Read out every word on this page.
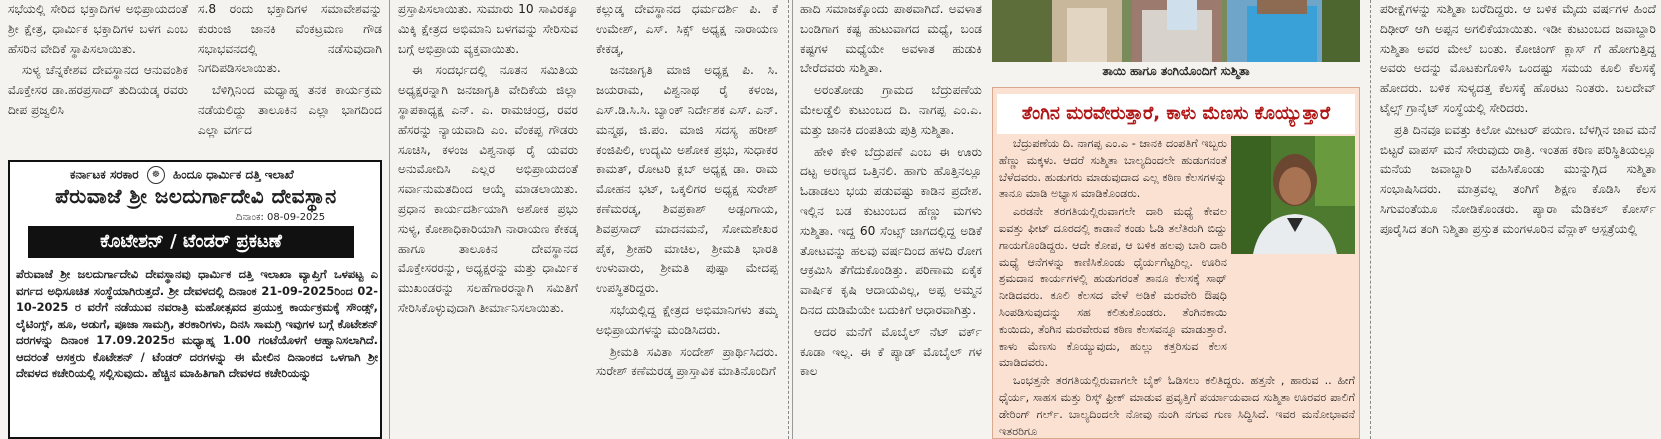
ಸಭೆಯಲ್ಲಿ ಸೇರಿದ ಭಕ್ತಾದಿಗಳ ಅಭಿಪ್ರಾಯದಂತೆ ಶ್ರೀ ಕ್ಷೇತ್ರ, ಧಾರ್ಮಿಕ ಭಕ್ತಾದಿಗಳ ಬಳಗ ಎಂಬ ಹೆಸರಿನ ವೇದಿಕೆ ಸ್ಥಾಪಿಸಲಾಯಿತು.

ಸುಳ್ಯ ಚೆನ್ನಕೇಶವ ದೇವಸ್ಥಾನದ ಆನುವಂಶಿಕ ಮೊಕ್ತೇಸರ ಡಾ.ಹರಪ್ರಸಾದ್ ತುದಿಯಡ್ಕ ರವರು ದೀಪ ಪ್ರಜ್ವಲಿಸಿ

ಸ.8 ರಂದು ಭಕ್ತಾದಿಗಳ ಸಮಾವೇಶವನ್ನು ಕುರುಂಜಿ ಜಾನಕಿ ವೆಂಕಟ್ರಮಣ ಗೌಡ ಸಭಾಭವನದಲ್ಲಿ ನಡೆಸುವುದಾಗಿ ನಿಗದಿಪಡಿಸಲಾಯಿತು.

ಬೆಳಿಗ್ಗಿನಿಂದ ಮಧ್ಯಾಹ್ನ ತನಕ ಕಾರ್ಯಕ್ರಮ ನಡೆಯಲಿದ್ದು ತಾಲೂಕಿನ ಎಲ್ಲಾ ಭಾಗದಿಂದ ಎಲ್ಲಾ ವರ್ಗದ

ಕರ್ನಾಟಕ ಸರಕಾರ ☸ ಹಿಂದೂ ಧಾರ್ಮಿಕ ದತ್ತಿ ಇಲಾಖೆ
ಪೆರುವಾಜೆ ಶ್ರೀ ಜಲದುರ್ಗಾದೇವಿ ದೇವಸ್ಥಾನ
ದಿನಾಂಕ: 08-09-2025
ಕೊಟೇಶನ್ / ಟೆಂಡರ್ ಪ್ರಕಟಣೆ
ಪೆರುವಾಜೆ ಶ್ರೀ ಜಲದುರ್ಗಾದೇವಿ ದೇವಸ್ಥಾನವು ಧಾರ್ಮಿಕ ದತ್ತಿ ಇಲಾಖಾ ವ್ಯಾಪ್ತಿಗೆ ಒಳಪಟ್ಟ ಎ ವರ್ಗದ ಅಧಿಸೂಚಿತ ಸಂಸ್ಥೆಯಾಗಿರುತ್ತದೆ. ಶ್ರೀ ದೇವಳದಲ್ಲಿ ದಿನಾಂಕ 21-09-2025ರಿಂದ 02-10-2025 ರ ವರೆಗೆ ನಡೆಯುವ ನವರಾತ್ರಿ ಮಹೋತ್ಸವದ ಪ್ರಯುಕ್ತ ಕಾರ್ಯಕ್ರಮಕ್ಕೆ ಸೌಂಡ್ಸ್, ಲೈಟಿಂಗ್ಸ್, ಹೂ, ಅಡುಗೆ, ಪೂಜಾ ಸಾಮಗ್ರಿ, ತರಕಾರಿಗಳು, ದಿನಸಿ ಸಾಮಗ್ರಿ ಇವುಗಳ ಬಗ್ಗೆ ಕೊಟೇಶನ್ ದರಗಳನ್ನು ದಿನಾಂಕ 17.09.2025ರ ಮಧ್ಯಾಹ್ನ 1.00 ಗಂಟೆಯೊಳಗೆ ಆಹ್ವಾನಿಸಲಾಗಿದೆ. ಆದರಂತೆ ಆಸಕ್ತರು ಕೊಟೇಶನ್ / ಟೆಂಡರ್ ದರಗಳನ್ನು ಈ ಮೇಲಿನ ದಿನಾಂಕದ ಒಳಗಾಗಿ ಶ್ರೀ ದೇವಳದ ಕಚೇರಿಯಲ್ಲಿ ಸಲ್ಲಿಸುವುದು. ಹೆಚ್ಚಿನ ಮಾಹಿತಿಗಾಗಿ ದೇವಳದ ಕಚೇರಿಯನ್ನು

ಪ್ರಸ್ತಾಪಿಸಲಾಯಿತು. ಸುಮಾರು 10 ಸಾವಿರಕ್ಕೂ ಮಿಕ್ಕಿ ಕ್ಷೇತ್ರದ ಅಭಿಮಾನಿ ಬಳಗವನ್ನು ಸೇರಿಸುವ ಬಗ್ಗೆ ಅಭಿಪ್ರಾಯ ವ್ಯಕ್ತವಾಯಿತು.

ಈ ಸಂದರ್ಭದಲ್ಲಿ ನೂತನ ಸಮಿತಿಯ ಅಧ್ಯಕ್ಷರನ್ನಾಗಿ ಜನಜಾಗೃತಿ ವೇದಿಕೆಯ ಜಿಲ್ಲಾ ಸ್ಥಾಪಕಾಧ್ಯಕ್ಷ ಎನ್. ಎ. ರಾಮಚಂದ್ರ, ರವರ ಹೆಸರನ್ನು ನ್ಯಾಯವಾದಿ ಎಂ. ವೆಂಕಪ್ಪ ಗೌಡರು ಸೂಚಿಸಿ, ಕಳಂಜ ವಿಶ್ವನಾಥ ರೈ ಯವರು ಅನುಮೋದಿಸಿ ಎಲ್ಲರ ಅಭಿಪ್ರಾಯದಂತೆ ಸರ್ವಾನುಮತದಿಂದ ಆಯ್ಕೆ ಮಾಡಲಾಯಿತು. ಪ್ರಧಾನ ಕಾರ್ಯದರ್ಶಿಯಾಗಿ ಅಶೋಕ ಪ್ರಭು ಸುಳ್ಯ, ಕೋಶಾಧಿಕಾರಿಯಾಗಿ ನಾರಾಯಣ ಕೇಕಡ್ಕ ಹಾಗೂ ತಾಲೂಕಿನ ದೇವಸ್ಥಾನದ ಮೊಕ್ತೇಸರರನ್ನು, ಅಧ್ಯಕ್ಷರನ್ನು ಮತ್ತು ಧಾರ್ಮಿಕ ಮುಖಂಡರನ್ನು ಸಲಹೆಗಾರರನ್ನಾಗಿ ಸಮಿತಿಗೆ ಸೇರಿಸಿಕೊಳ್ಳುವುದಾಗಿ ತೀರ್ಮಾನಿಸಲಾಯಿತು.

ಕಲ್ಲುಡ್ಕ ದೇವಸ್ಥಾನದ ಧರ್ಮದರ್ಶಿ ಪಿ. ಕೆ ಉಮೇಶ್, ಎಸ್. ಸಿಕ್ಸ್ ಅಧ್ಯಕ್ಷ ನಾರಾಯಣ ಕೇಕಡ್ಕ,

ಜನಜಾಗೃತಿ ಮಾಜಿ ಅಧ್ಯಕ್ಷ ಪಿ. ಸಿ. ಜಯರಾಮ, ವಿಶ್ವನಾಥ ರೈ ಕಳಂಜ, ಎಸ್.ಡಿ.ಸಿ.ಸಿ. ಬ್ಯಾಂಕ್ ನಿರ್ದೇಶಕ ಎಸ್. ಎನ್. ಮನ್ಮಥ, ಜಿ.ಪಂ. ಮಾಜಿ ಸದಸ್ಯ ಹರೀಶ್ ಕಂಜಿಪಿಲಿ, ಉದ್ಯಮಿ ಅಶೋಕ ಪ್ರಭು, ಸುಧಾಕರ ಕಾಮತ್, ರೋಟರಿ ಕ್ಲಬ್ ಅಧ್ಯಕ್ಷ ಡಾ. ರಾಮ ಮೋಹನ ಭಟ್, ಒಕ್ಕಲಿಗರ ಅಧ್ಯಕ್ಷ ಸುರೇಶ್ ಕಣೆಮರಡ್ಕ, ಶಿವಪ್ರಕಾಶ್ ಅಡ್ಪಂಗಾಯ, ಶಿವಪ್ರಸಾದ್ ಮಾದನಮನೆ, ಸೋಮಶೇಖರ ಪೈಕ, ಶ್ರೀಹರಿ ಮಾಚಿಲ, ಶ್ರೀಮತಿ ಭಾರತಿ ಉಳುವಾರು, ಶ್ರೀಮತಿ ಪುಷ್ಪಾ ಮೇದಪ್ಪ ಉಪಸ್ಥಿತರಿದ್ದರು.

ಸಭೆಯಲ್ಲಿದ್ದ ಕ್ಷೇತ್ರದ ಅಭಿಮಾನಿಗಳು ತಮ್ಮ ಅಭಿಪ್ರಾಯಗಳನ್ನು ಮಂಡಿಸಿದರು.

ಶ್ರೀಮತಿ ಸವಿತಾ ಸಂದೇಶ್ ಪ್ರಾರ್ಥಿಸಿದರು. ಸುರೇಶ್ ಕಣೆಮರಡ್ಕ ಪ್ರಾಸ್ತಾವಿಕ ಮಾತಿನೊಂದಿಗೆ

ಹಾದಿ ಸಮಾಜಕ್ಕೊಂದು ಪಾಠವಾಗಿದೆ. ಅವಳಾತ ಬಂಡಿಗಾಗ ಕಷ್ಟ ಹುಟುವಾಗದ ಮಧ್ಯೆ, ಬಂಡ ಕಷ್ಟಗಳ ಮಧ್ಯೆಯೇ ಅವಳಾತ ಹುಡುಕಿ ಬೇರೆದವರು ಸುಶ್ಮಿತಾ.

ಅರಂತೋಡು ಗ್ರಾಮದ ಬೆದ್ರುಪಣೆಯ ಮೇಲಡ್ಡೆಲಿ ಕುಟುಂಬದ ದಿ. ನಾಗಪ್ಪ ಎಂ.ಎ. ಮತ್ತು ಜಾನಕಿ ದಂಪತಿಯ ಪುತ್ರಿ ಸುಶ್ಮಿತಾ.

ಹೇಳಿ ಕೇಳಿ ಬೆದ್ರುಪಣೆ ಎಂಬ ಈ ಊರು ದಟ್ಟ ಅರಣ್ಯದ ಒತ್ತಿನಲಿ. ಹಾಗು ಹೊತ್ತಿನಲ್ಲೂ ಓಡಾಡಲು ಭಯ ಪಡುವಷ್ಟು ಕಾಡಿನ ಪ್ರದೇಶ. ಇಲ್ಲಿನ ಬಡ ಕುಟುಂಬದ ಹೆಣ್ಣು ಮಗಳು ಸುಶ್ಮಿತಾ. ಇದ್ದ 60 ಸೆಂಟ್ಸ್ ಜಾಗದಲ್ಲಿದ್ದ ಅಡಿಕೆ ತೋಟವನ್ನು ಹಲವು ವರ್ಷದಿಂದ ಹಳದಿ ರೋಗ ಆಕ್ರಮಿಸಿ ತೆಗೆದುಕೊಂಡಿತ್ತು. ಪರಿಣಾಮ ಏಕೈಕ ವಾರ್ಷಿಕ ಕೃಷಿ ಆದಾಯವಿಲ್ಲ, ಅಪ್ಪ ಅಮ್ಮನ ದಿನದ ದುಡಿಮೆಯೇ ಬದುಕಿಗೆ ಆಧಾರವಾಗಿತ್ತು.

ಆದರ ಮನೆಗೆ ಮೊಬೈಲ್ ನೆಟ್ ವರ್ಕ್ ಕೂಡಾ ಇಲ್ಲ. ಈ ಕೆ ಪ್ಯಾಡ್ ಮೊಬೈಲ್ ಗಳ ಕಾಲ

ತಾಯಿ ಹಾಗೂ ತಂಗಿಯೊಂದಿಗೆ ಸುಶ್ಮಿತಾ
ತೆಂಗಿನ ಮರವೇರುತ್ತಾರೆ, ಕಾಳು ಮೆಣಸು ಕೊಯ್ಯುತ್ತಾರೆ

ಬೆದ್ರುಪಣೆಯ ದಿ. ನಾಗಪ್ಪ ಎಂ.ಎ - ಜಾನಕಿ ದಂಪತಿಗೆ ಇಬ್ಬರು ಹೆಣ್ಣು ಮಕ್ಕಳು. ಆದರೆ ಸುಶ್ಮಿತಾ ಬಾಲ್ಯದಿಂದಲೇ ಹುಡುಗನಂತೆ ಬೆಳೆದವರು. ಹುಡುಗರು ಮಾಡುವುದಾದ ಎಲ್ಲ ಕಠಿಣ ಕೆಲಸಗಳನ್ನು ತಾನೂ ಮಾಡಿ ಅಭ್ಯಾಸ ಮಾಡಿಕೊಂಡರು.

ಎರಡನೇ ತರಗತಿಯಲ್ಲಿರುವಾಗಲೇ ದಾರಿ ಮಧ್ಯೆ ಕೇವಲ ಐವತ್ತು ಫೀಟ್ ದೂರದಲ್ಲಿ ಕಾಡಾನೆ ಕಂಡು ಓಡಿ ತಲೆತಿರುಗಿ ಬಿದ್ದು ಗಾಯಗೊಂಡಿದ್ದರು. ಆದೇ ಕೋಪ, ಆ ಬಳಿಕ ಹಲವು ಬಾರಿ ದಾರಿ ಮಧ್ಯೆ ಆನೆಗಳನ್ನು ಕಾಣಿಸಿಕೊಂಡು ಧೈರ್ಯಗೆಟ್ಟರಿಲ್ಲ. ಊರಿನ ಶ್ರಮದಾನ ಕಾರ್ಯಗಳಲ್ಲಿ ಹುಡುಗರಂತೆ ತಾನೂ ಕೆಲಸಕ್ಕೆ ಸಾಥ್ ನೀಡಿದವರು. ಕೂಲಿ ಕೆಲಸದ ವೇಳೆ ಅಡಿಕೆ ಮರವೇರಿ ಔಷಧಿ ಸಿಂಪಡಿಸುವುದನ್ನು ಸಹ ಕಲಿತುಕೊಂಡರು. ತೆಂಗಿನಕಾಯಿ ಕುಯಿದು, ತೆಂಗಿನ ಮರವೇರುವ ಕಠಿಣ ಕೆಲಸವನ್ನೂ ಮಾಡುತ್ತಾರೆ. ಕಾಳು ಮೆಣಸು ಕೊಯ್ಯುವುದು, ಹುಲ್ಲು ಕತ್ತರಿಸುವ ಕೆಲಸ ಮಾಡಿದವರು.

ಒಂಭತ್ತನೇ ತರಗತಿಯಲ್ಲಿರುವಾಗಲೇ ಬೈಕ್ ಓಡಿಸಲು ಕಲಿತಿದ್ದರು. ಹತ್ತನೇ , ಹಾರುವ .. ಹೀಗೆ ಧೈರ್ಯ, ಸಾಹಸ ಮತ್ತು ರಿಸ್ಕ್ ಫ್ರೀಕ್ ಮಾಡುವ ಪ್ರವೃತ್ತಿಗೆ ಪರ್ಯಾಯವಾದ ಸುಶ್ಮಿತಾ ಊರವರ ಪಾಲಿಗೆ ಡೇರಿಂಗ್ ಗರ್ಲ್. ಬಾಲ್ಯದಿಂದಲೇ ನೋವು ನುಂಗಿ ನಗುವ ಗುಣ ಸಿದ್ಧಿಸಿದೆ. ಇವರ ಮನೋಭಾವನೆ ಇತರರಿಗೂ

ಪರೀಕ್ಷೆಗಳನ್ನು ಸುಶ್ಮಿತಾ ಬರೆದಿದ್ದರು. ಆ ಬಳಿಕ ಮೈದು ವರ್ಷಗಳ ಹಿಂದೆ ದಿಢೀರ್ ಆಗಿ ಅಪ್ಪನ ಅಗಲಿಕೆಯಾಯಿತು. ಇಡೀ ಕುಟುಂಬದ ಜವಾಬ್ದಾರಿ ಸುಶ್ಮಿತಾ ಅವರ ಮೇಲೆ ಬಂತು. ಕೋಚಿಂಗ್ ಕ್ಲಾಸ್ ಗೆ ಹೋಗುತ್ತಿದ್ದ ಅವರು ಅದನ್ನು ಮೊಟಕುಗೊಳಿಸಿ ಒಂದಷ್ಟು ಸಮಯ ಕೂಲಿ ಕೆಲಸಕ್ಕೆ ಹೋದರು. ಬಳಿಕ ಸುಳ್ಯದತ್ತ ಕೆಲಸಕ್ಕೆ ಹೊರಟು ನಿಂತರು. ಬಲದೇವ್ ಟೈಲ್ಸ್ ಗ್ರಾನೈಟ್ ಸಂಸ್ಥೆಯಲ್ಲಿ ಸೇರಿದರು.

ಪ್ರತಿ ದಿನವೂ ಐವತ್ತು ಕಿಲೋ ಮೀಟರ್ ಪಯಣ. ಬೆಳಗ್ಗಿನ ಜಾವ ಮನೆ ಬಿಟ್ಟರೆ ವಾಪಸ್ ಮನೆ ಸೇರುವುದು ರಾತ್ರಿ. ಇಂತಹ ಕಠಿಣ ಪರಿಸ್ಥಿತಿಯಲ್ಲೂ ಮನೆಯ ಜವಾಬ್ದಾರಿ ವಹಿಸಿಕೊಂಡು ಮುನ್ನುಗ್ಗಿದ ಸುಶ್ಮಿತಾ ಸಂಭಾಷಿಸಿದರು. ಮಾತ್ರವಲ್ಲ ತಂಗಿಗೆ ಶಿಕ್ಷಣ ಕೊಡಿಸಿ ಕೆಲಸ ಸಿಗುವಂತೆಯೂ ನೋಡಿಕೊಂಡರು. ಪ್ಯಾರಾ ಮೆಡಿಕಲ್ ಕೋರ್ಸ್ ಪೂರೈಸಿದ ತಂಗಿ ನಿಶ್ಮಿತಾ ಪ್ರಸ್ತುತ ಮಂಗಳೂರಿನ ವೆನ್ಲಾಕ್ ಆಸ್ಪತ್ರೆಯಲ್ಲಿ
